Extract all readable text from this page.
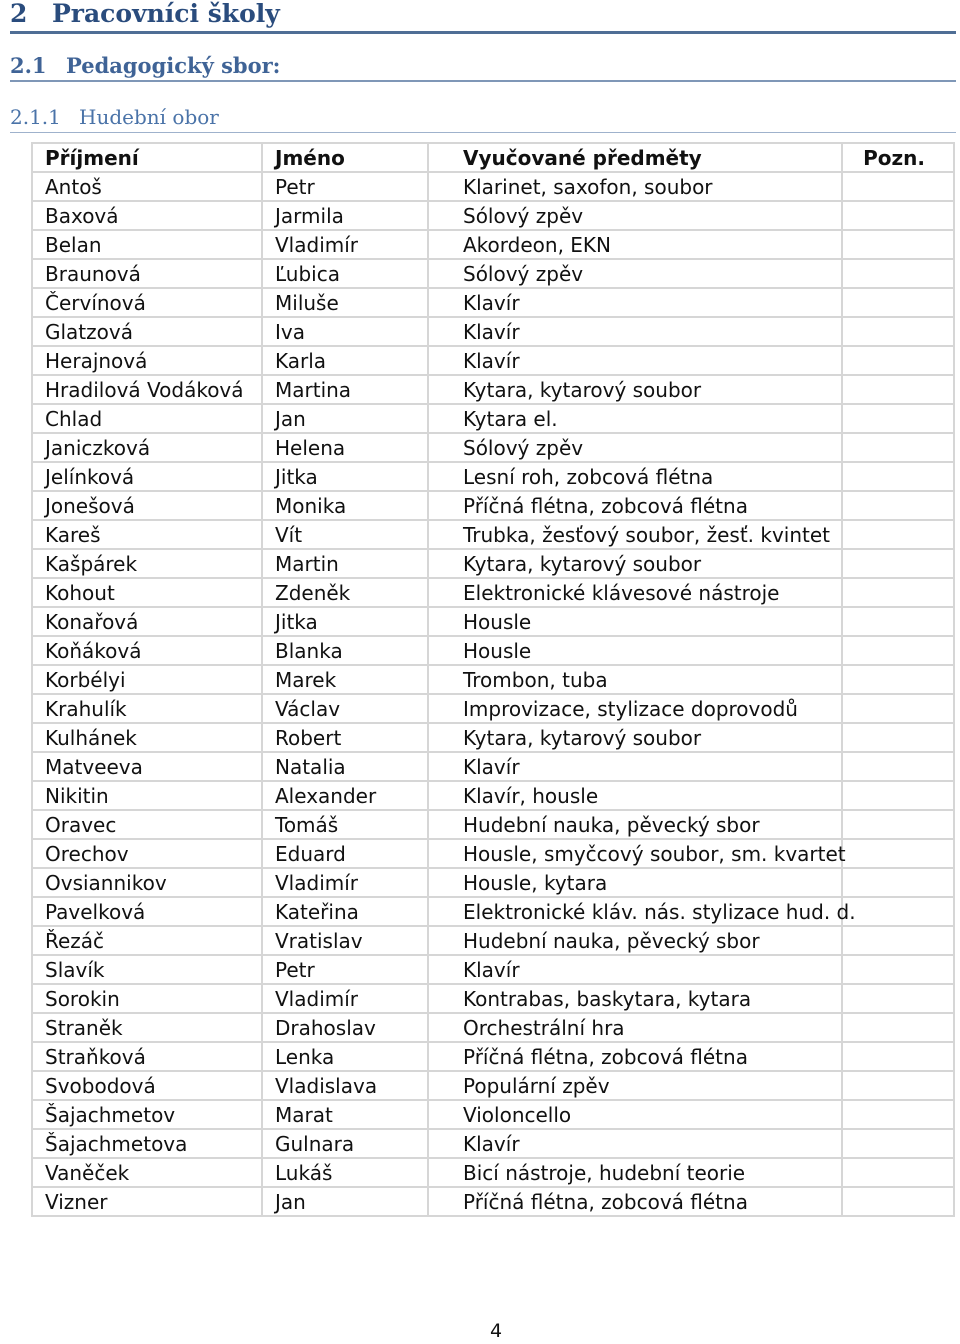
2 Pracovníci školy
2.1 Pedagogický sbor:
2.1.1 Hudební obor
Příjmení	Jméno	Vyučované předměty	Pozn.
Antoš	Petr	Klarinet, saxofon, soubor	
Baxová	Jarmila	Sólový zpěv	
Belan	Vladimír	Akordeon, EKN	
Braunová	Ľubica	Sólový zpěv	
Červínová	Miluše	Klavír	
Glatzová	Iva	Klavír	
Herajnová	Karla	Klavír	
Hradilová Vodáková	Martina	Kytara, kytarový soubor	
Chlad	Jan	Kytara el.	
Janiczková	Helena	Sólový zpěv	
Jelínková	Jitka	Lesní roh, zobcová flétna	
Jonešová	Monika	Příčná flétna, zobcová flétna	
Kareš	Vít	Trubka, žesťový soubor, žesť. kvintet	
Kašpárek	Martin	Kytara, kytarový soubor	
Kohout	Zdeněk	Elektronické klávesové nástroje	
Konařová	Jitka	Housle	
Koňáková	Blanka	Housle	
Korbélyi	Marek	Trombon, tuba	
Krahulík	Václav	Improvizace, stylizace doprovodů	
Kulhánek	Robert	Kytara, kytarový soubor	
Matveeva	Natalia	Klavír	
Nikitin	Alexander	Klavír, housle	
Oravec	Tomáš	Hudební nauka, pěvecký sbor	
Orechov	Eduard	Housle, smyčcový soubor, sm. kvartet	
Ovsiannikov	Vladimír	Housle, kytara	
Pavelková	Kateřina	Elektronické kláv. nás. stylizace hud. d.	
Řezáč	Vratislav	Hudební nauka, pěvecký sbor	
Slavík	Petr	Klavír	
Sorokin	Vladimír	Kontrabas, baskytara, kytara	
Straněk	Drahoslav	Orchestrální hra	
Straňková	Lenka	Příčná flétna, zobcová flétna	
Svobodová	Vladislava	Populární zpěv	
Šajachmetov	Marat	Violoncello	
Šajachmetova	Gulnara	Klavír	
Vaněček	Lukáš	Bicí nástroje, hudební teorie	
Vizner	Jan	Příčná flétna, zobcová flétna	
4
